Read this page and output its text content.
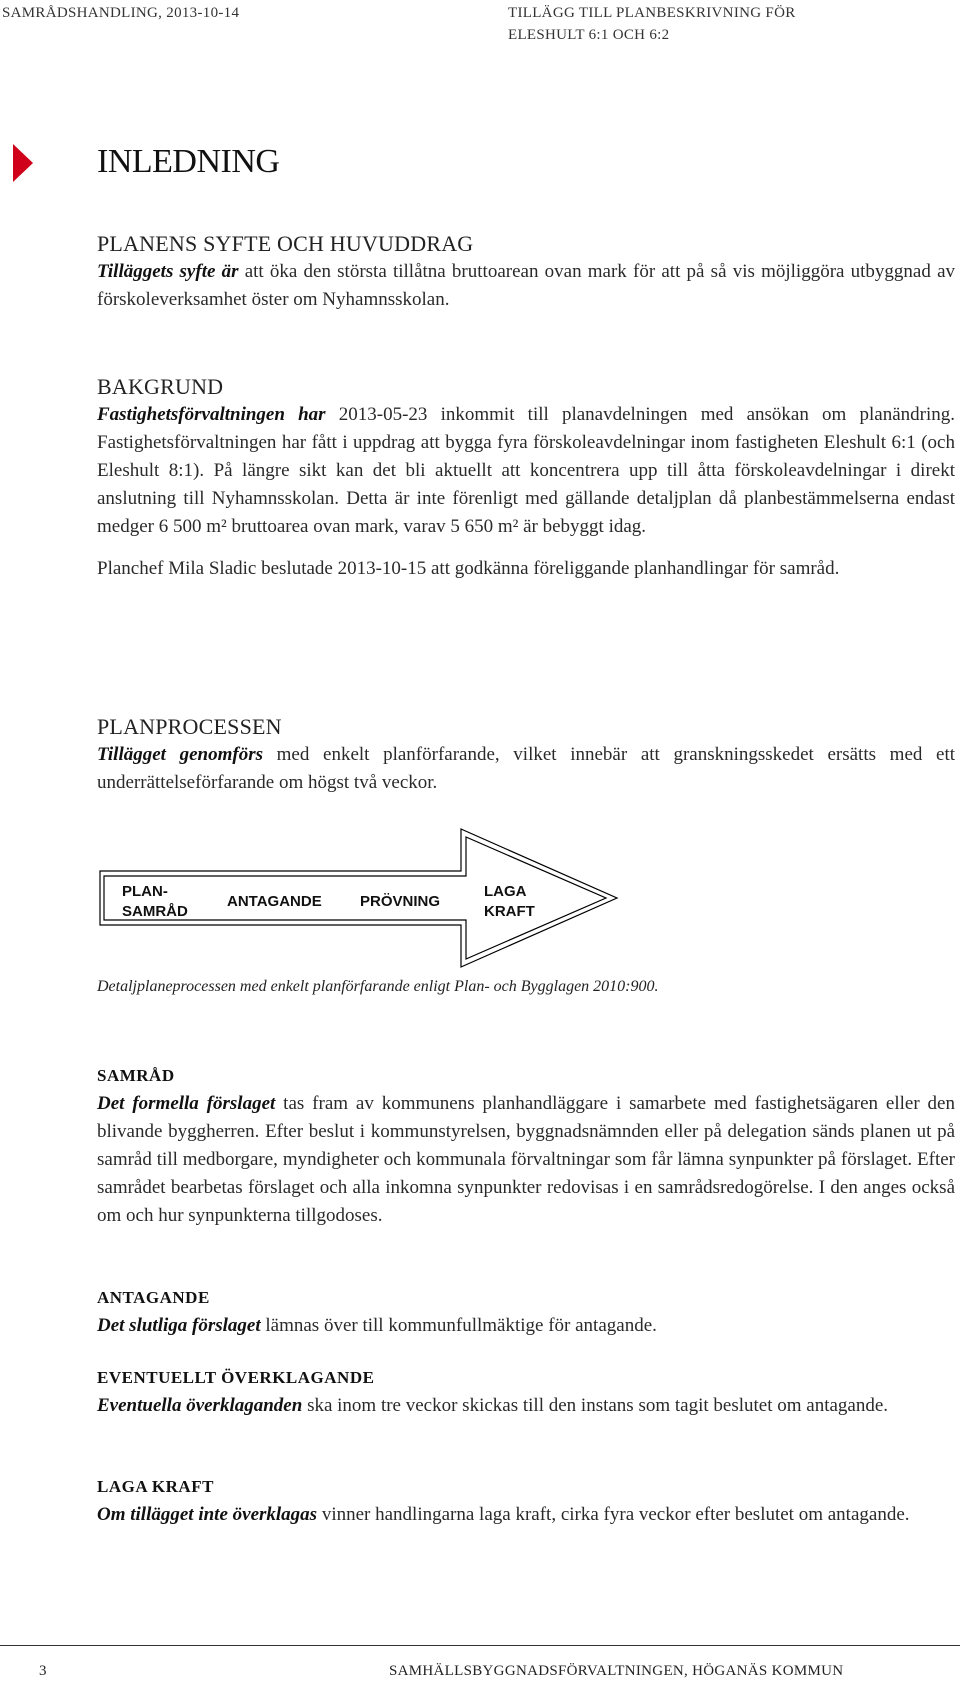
SAMRÅDSHANDLING, 2013-10-14	TILLÄGG TILL PLANBESKRIVNING FÖR
ELESHULT 6:1 OCH 6:2
INLEDNING
PLANENS SYFTE OCH HUVUDDRAG

Tilläggets syfte är att öka den största tillåtna bruttoarean ovan mark för att på så vis möjliggöra utbyggnad av förskoleverksamhet öster om Nyhamnsskolan.

BAKGRUND

Fastighetsförvaltningen har 2013-05-23 inkommit till planavdelningen med ansökan om planändring. Fastighetsförvaltningen har fått i uppdrag att bygga fyra förskoleavdelningar inom fastigheten Eleshult 6:1 (och Eleshult 8:1). På längre sikt kan det bli aktuellt att koncentrera upp till åtta förskoleavdelningar i direkt anslutning till Nyhamnsskolan. Detta är inte förenligt med gällande detaljplan då planbestämmelserna endast medger 6 500 m² bruttoarea ovan mark, varav 5 650 m² är bebyggt idag.

Planchef Mila Sladic beslutade 2013-10-15 att godkänna föreliggande planhandlingar för samråd.

PLANPROCESSEN

Tillägget genomförs med enkelt planförfarande, vilket innebär att granskningsskedet ersätts med ett underrättelseförfarande om högst två veckor.

PLAN-
SAMRÅD
ANTAGANDE	PRÖVNING
LAGA
KRAFT
Detaljplaneprocessen med enkelt planförfarande enligt Plan- och Bygglagen 2010:900.
SAMRÅD

Det formella förslaget tas fram av kommunens planhandläggare i samarbete med fastighetsägaren eller den blivande byggherren. Efter beslut i kommunstyrelsen, byggnadsnämnden eller på delegation sänds planen ut på samråd till medborgare, myndigheter och kommunala förvaltningar som får lämna synpunkter på förslaget. Efter samrådet bearbetas förslaget och alla inkomna synpunkter redovisas i en samrådsredogörelse. I den anges också om och hur synpunkterna tillgodoses.

ANTAGANDE

Det slutliga förslaget lämnas över till kommunfullmäktige för antagande.

EVENTUELLT ÖVERKLAGANDE

Eventuella överklaganden ska inom tre veckor skickas till den instans som tagit beslutet om antagande.

LAGA KRAFT

Om tillägget inte överklagas vinner handlingarna laga kraft, cirka fyra veckor efter beslutet om antagande.

3	SAMHÄLLSBYGGNADSFÖRVALTNINGEN, HÖGANÄS KOMMUN
